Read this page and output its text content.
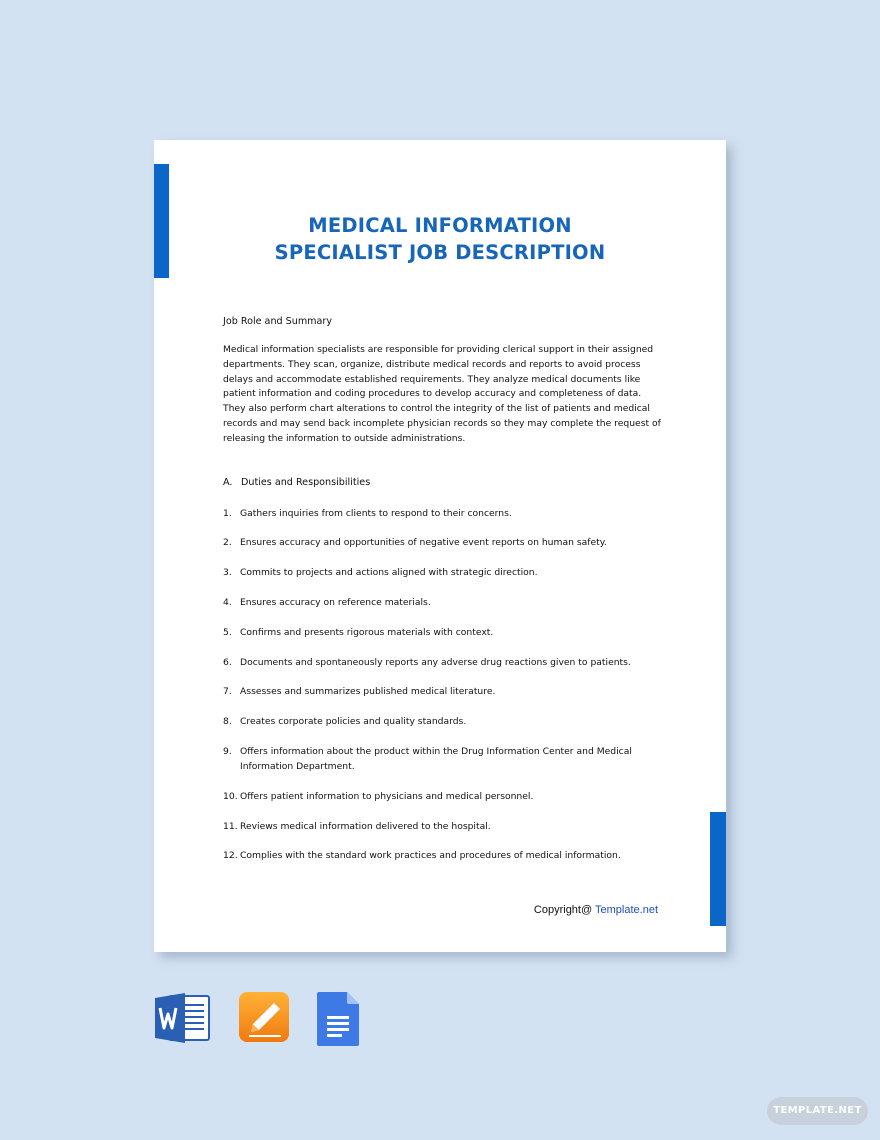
MEDICAL INFORMATION
SPECIALIST JOB DESCRIPTION
Job Role and Summary
Medical information specialists are responsible for providing clerical support in their assigned departments. They scan, organize, distribute medical records and reports to avoid process delays and accommodate established requirements. They analyze medical documents like patient information and coding procedures to develop accuracy and completeness of data. They also perform chart alterations to control the integrity of the list of patients and medical records and may send back incomplete physician records so they may complete the request of releasing the information to outside administrations.
A. Duties and Responsibilities
1. Gathers inquiries from clients to respond to their concerns.
2. Ensures accuracy and opportunities of negative event reports on human safety.
3. Commits to projects and actions aligned with strategic direction.
4. Ensures accuracy on reference materials.
5. Confirms and presents rigorous materials with context.
6. Documents and spontaneously reports any adverse drug reactions given to patients.
7. Assesses and summarizes published medical literature.
8. Creates corporate policies and quality standards.
9. Offers information about the product within the Drug Information Center and Medical Information Department.
10. Offers patient information to physicians and medical personnel.
11. Reviews medical information delivered to the hospital.
12. Complies with the standard work practices and procedures of medical information.
Copyright@ Template.net
TEMPLATE.NET
